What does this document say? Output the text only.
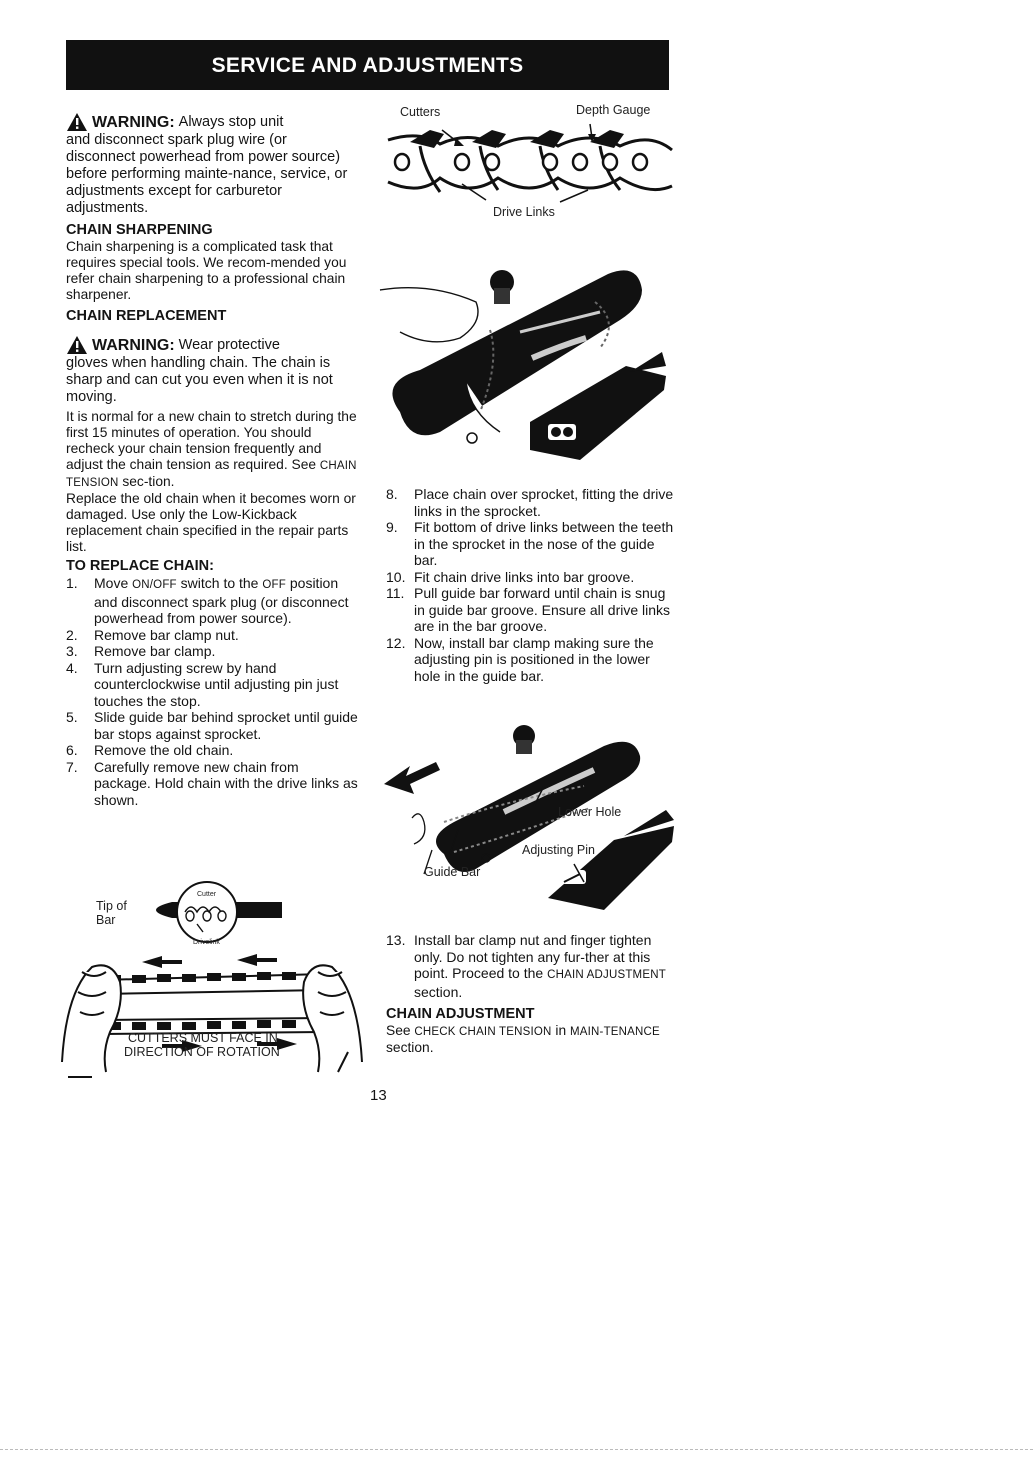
SERVICE AND ADJUSTMENTS
WARNING: Always stop unit

and disconnect spark plug wire (or disconnect powerhead from power source) before performing mainte-nance, service, or adjustments except for carburetor adjustments.

CHAIN SHARPENING

Chain sharpening is a complicated task that requires special tools. We recom-mended you refer chain sharpening to a professional chain sharpener.

CHAIN REPLACEMENT

WARNING: Wear protective

gloves when handling chain. The chain is sharp and can cut you even when it is not moving.

It is normal for a new chain to stretch during the first 15 minutes of operation. You should recheck your chain tension frequently and adjust the chain tension as required. See CHAIN TENSION sec-tion.

Replace the old chain when it becomes worn or damaged. Use only the Low-Kickback replacement chain specified in the repair parts list.

TO REPLACE CHAIN:

1.	Move ON/OFF switch to the OFF position and disconnect spark plug (or disconnect powerhead from power source).
2.	Remove bar clamp nut.
3.	Remove bar clamp.
4.	Turn adjusting screw by hand counterclockwise until adjusting pin just touches the stop.
5.	Slide guide bar behind sprocket until guide bar stops against sprocket.
6.	Remove the old chain.
7.	Carefully remove new chain from package. Hold chain with the drive links as shown.
Tip of
Bar
Cutter
Drivelink
CUTTERS MUST FACE IN
DIRECTION OF ROTATION
Cutters	Depth Gauge
Drive Links
8.	Place chain over sprocket, fitting the drive links in the sprocket.
9.	Fit bottom of drive links between the teeth in the sprocket in the nose of the guide bar.
10. Fit chain drive links into bar groove.
11. Pull guide bar forward until chain is snug in guide bar groove. Ensure all drive links are in the bar groove.
12. Now, install bar clamp making sure the adjusting pin is positioned in the lower hole in the guide bar.
Lower Hole
Adjusting Pin
Guide Bar
13. Install bar clamp nut and finger tighten only. Do not tighten any fur-ther at this point. Proceed to the CHAIN ADJUSTMENT section.

CHAIN ADJUSTMENT

See CHECK CHAIN TENSION in MAIN-TENANCE section.

13
